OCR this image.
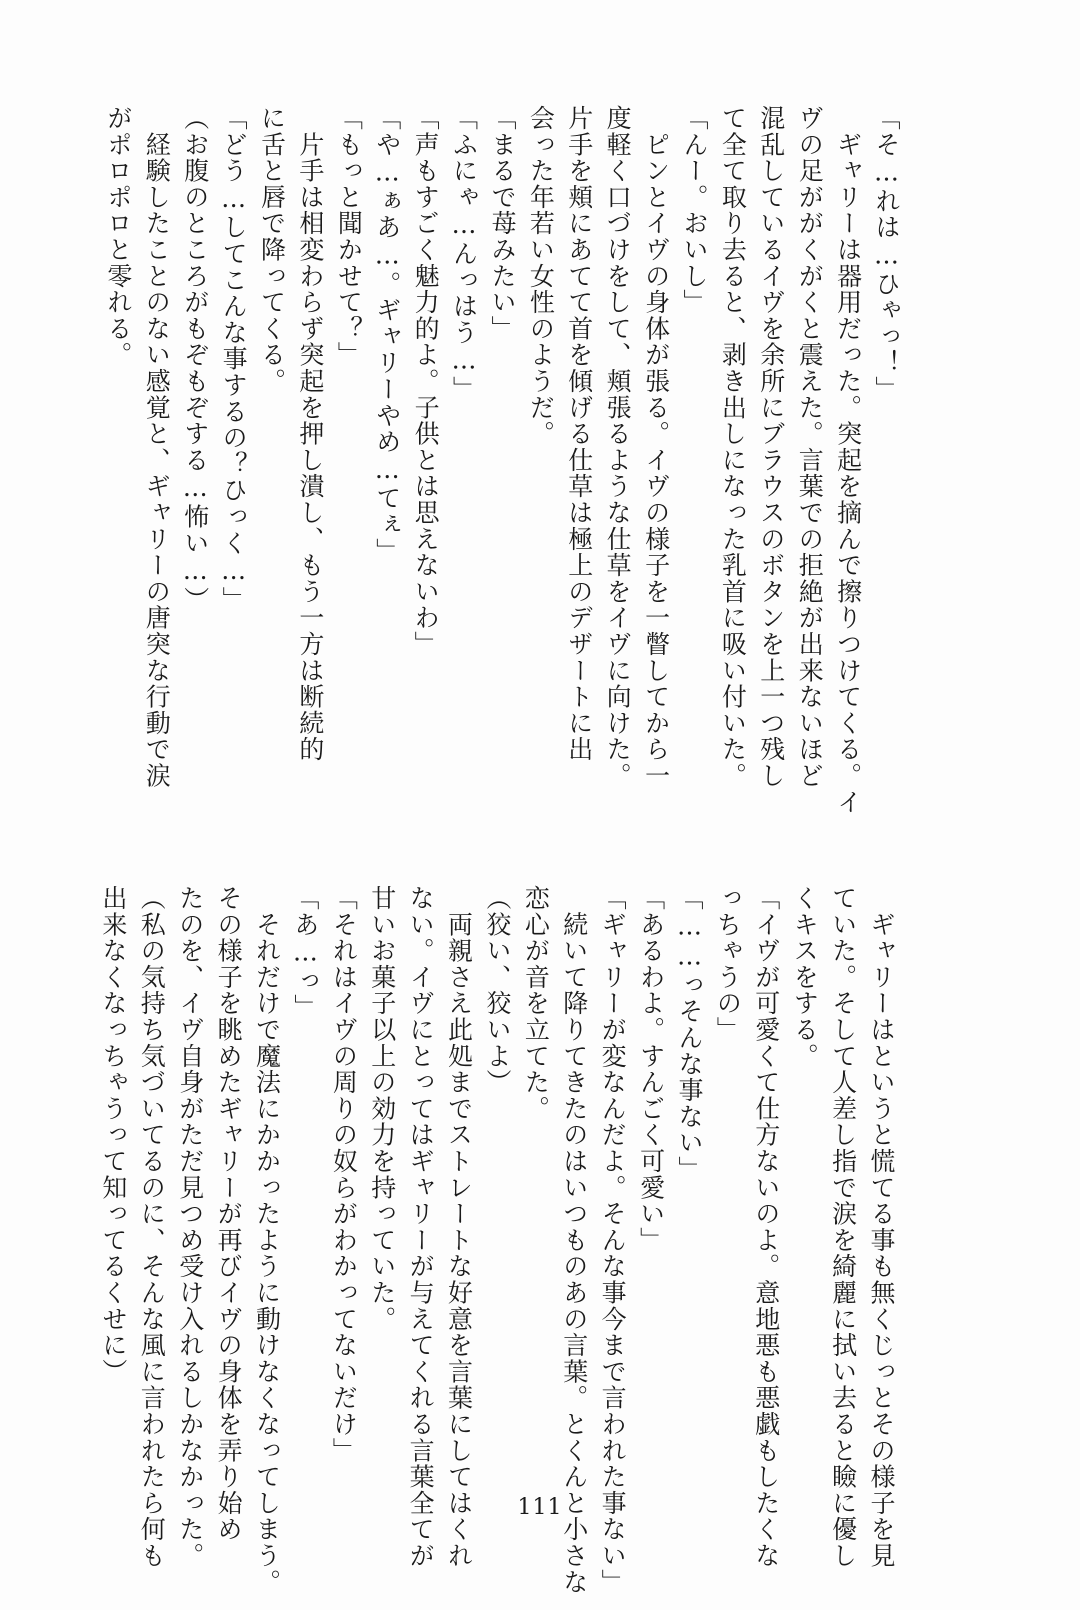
「そ…れは…ひゃっ！」
　ギャリーは器用だった。突起を摘んで擦りつけてくる。イ
ヴの足ががくがくと震えた。言葉での拒絶が出来ないほど
混乱しているイヴを余所にブラウスのボタンを上一つ残し
て全て取り去ると、剥き出しになった乳首に吸い付いた。
「んー。おいし」
　ピンとイヴの身体が張る。イヴの様子を一瞥してから一
度軽く口づけをして、頬張るような仕草をイヴに向けた。
片手を頬にあてて首を傾げる仕草は極上のデザートに出
会った年若い女性のようだ。
「まるで苺みたい」
「ふにゃ…んっはう…」
「声もすごく魅力的よ。子供とは思えないわ」
「や…ぁあ…。ギャリーやめ…てぇ」
「もっと聞かせて？」
　片手は相変わらず突起を押し潰し、もう一方は断続的
に舌と唇で降ってくる。
「どう…してこんな事するの？ひっく…」
（お腹のところがもぞもぞする…怖い…）
　経験したことのない感覚と、ギャリーの唐突な行動で涙
がポロポロと零れる。
　ギャリーはというと慌てる事も無くじっとその様子を見
ていた。そして人差し指で涙を綺麗に拭い去ると瞼に優し
くキスをする。
「イヴが可愛くて仕方ないのよ。意地悪も悪戯もしたくな
っちゃうの」
「……っそんな事ない」
「あるわよ。すんごく可愛い」
「ギャリーが変なんだよ。そんな事今まで言われた事ない」
　続いて降りてきたのはいつものあの言葉。とくんと小さな
恋心が音を立てた。
（狡い、狡いよ）
　両親さえ此処までストレートな好意を言葉にしてはくれ
ない。イヴにとってはギャリーが与えてくれる言葉全てが
甘いお菓子以上の効力を持っていた。
「それはイヴの周りの奴らがわかってないだけ」
「あ…っ」
　それだけで魔法にかかったように動けなくなってしまう。
その様子を眺めたギャリーが再びイヴの身体を弄り始め
たのを、イヴ自身がただ見つめ受け入れるしかなかった。
（私の気持ち気づいてるのに、そんな風に言われたら何も
出来なくなっちゃうって知ってるくせに）
111
